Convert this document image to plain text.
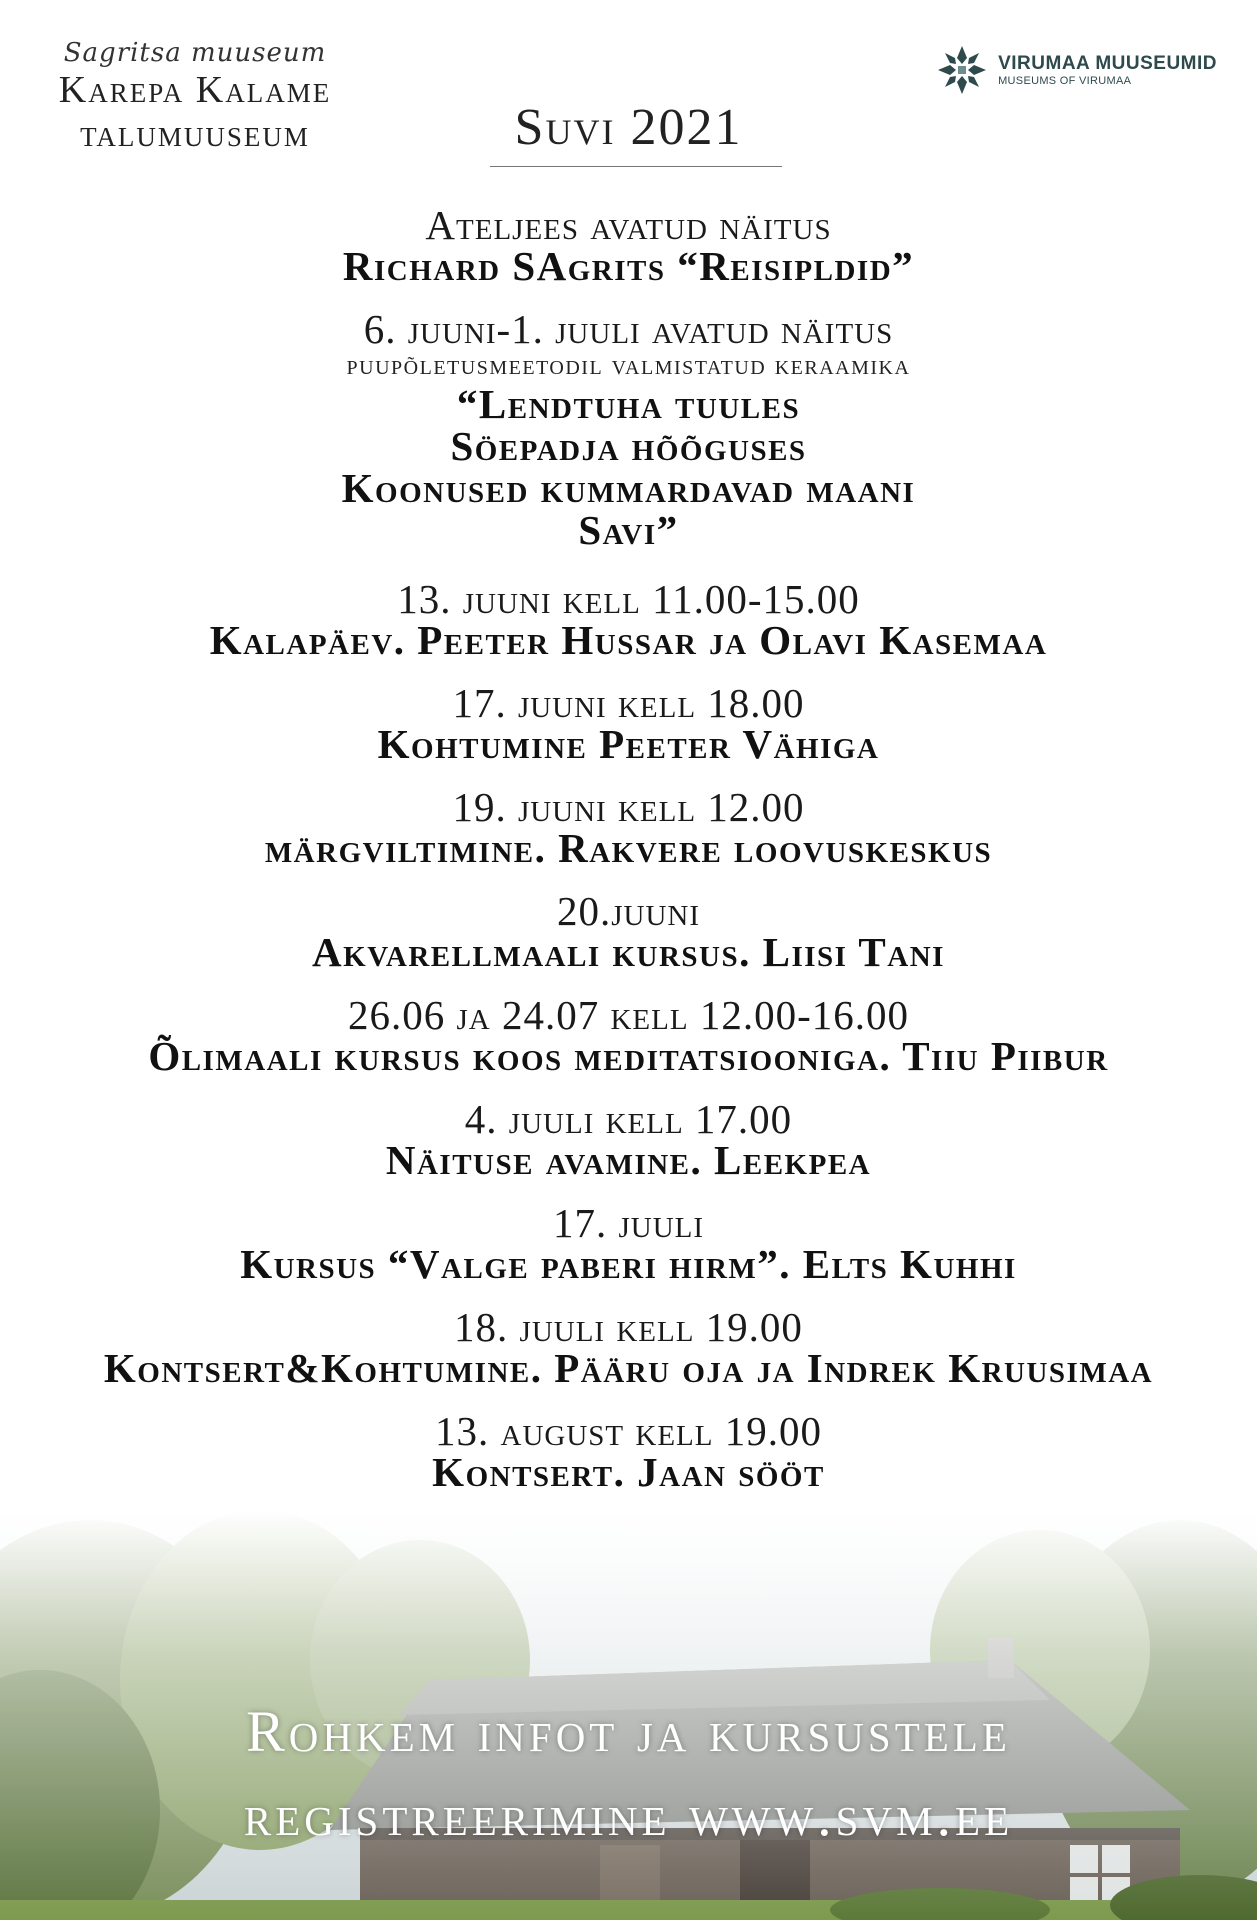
Sagritsa muuseum
Karepa Kalame
talumuuseum
VIRUMAA MUUSEUMID
MUSEUMS OF VIRUMAA
Suvi 2021
Ateljees avatud näitus
Richard SAgrits “Reisipldid”
6. juuni-1. juuli avatud näitus
puupõletusmeetodil valmistatud keraamika
“Lendtuha tuules
Söepadja hõõguses
Koonused kummardavad maani
Savi”
13. juuni kell 11.00-15.00
Kalapäev. Peeter Hussar ja Olavi Kasemaa
17. juuni kell 18.00
Kohtumine Peeter Vähiga
19. juuni kell 12.00
märgviltimine. Rakvere loovuskeskus
20.juuni
Akvarellmaali kursus. Liisi Tani
26.06 ja 24.07 kell 12.00-16.00
Õlimaali kursus koos meditatsiooniga. Tiiu Piibur
4. juuli kell 17.00
Näituse avamine. Leekpea
17. juuli
Kursus “Valge paberi hirm”. Elts Kuhhi
18. juuli kell 19.00
Kontsert&Kohtumine. Pääru oja ja Indrek Kruusimaa
13. august kell 19.00
Kontsert. Jaan sööt
Rohkem infot ja kursustele
registreerimine www.svm.ee
